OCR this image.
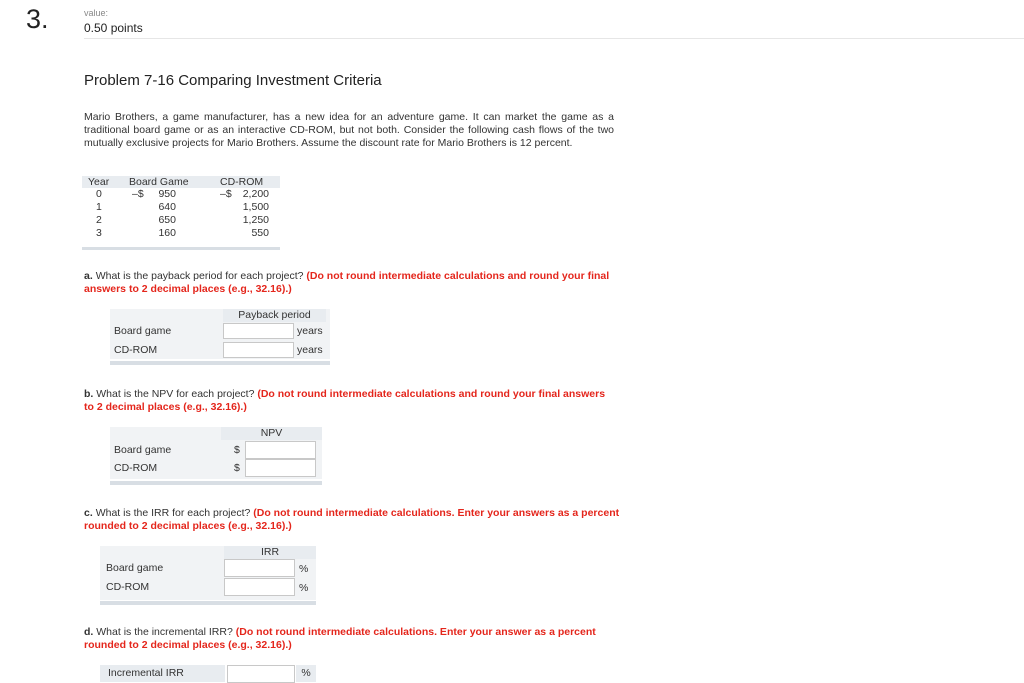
3.	value:
0.50 points
Problem 7-16 Comparing Investment Criteria
Mario Brothers, a game manufacturer, has a new idea for an adventure game. It can market the game as a traditional board game or as an interactive CD-ROM, but not both. Consider the following cash flows of the two mutually exclusive projects for Mario Brothers. Assume the discount rate for Mario Brothers is 12 percent.
Year Board Game	CD-ROM
0	–$ 950	–$ 2,200
1	640	1,500
2	650	1,250
3	160	550
a. What is the payback period for each project? (Do not round intermediate calculations and round your final answers to 2 decimal places (e.g., 32.16).)
Payback period
Board game	years
CD-ROM	years
b. What is the NPV for each project? (Do not round intermediate calculations and round your final answers to 2 decimal places (e.g., 32.16).)
NPV
Board game	$
CD-ROM	$
c. What is the IRR for each project? (Do not round intermediate calculations. Enter your answers as a percent rounded to 2 decimal places (e.g., 32.16).)
IRR
Board game	%
CD-ROM	%
d. What is the incremental IRR? (Do not round intermediate calculations. Enter your answer as a percent rounded to 2 decimal places (e.g., 32.16).)
Incremental IRR	%
